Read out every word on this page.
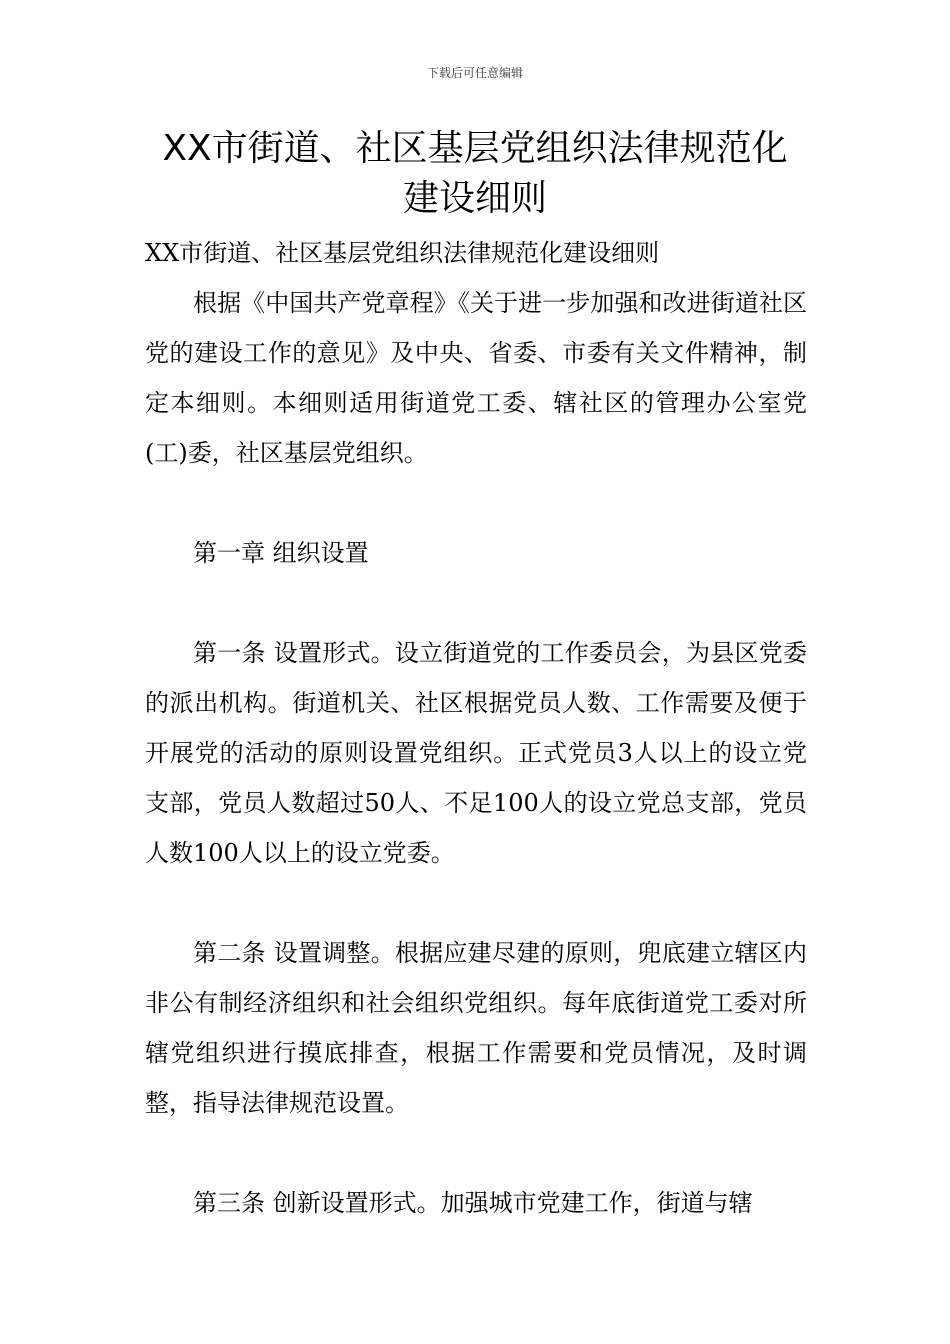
下载后可任意编辑
XX市街道、社区基层党组织法律规范化建设细则

XX市街道、社区基层党组织法律规范化建设细则

根据《中国共产党章程》《关于进一步加强和改进街道社区党的建设工作的意见》及中央、省委、市委有关文件精神，制定本细则。本细则适用街道党工委、辖社区的管理办公室党(工)委，社区基层党组织。

第一章 组织设置

第一条 设置形式。设立街道党的工作委员会，为县区党委的派出机构。街道机关、社区根据党员人数、工作需要及便于开展党的活动的原则设置党组织。正式党员3人以上的设立党支部，党员人数超过50人、不足100人的设立党总支部，党员人数100人以上的设立党委。

第二条 设置调整。根据应建尽建的原则，兜底建立辖区内非公有制经济组织和社会组织党组织。每年底街道党工委对所辖党组织进行摸底排查，根据工作需要和党员情况，及时调整，指导法律规范设置。

第三条 创新设置形式。加强城市党建工作，街道与辖
